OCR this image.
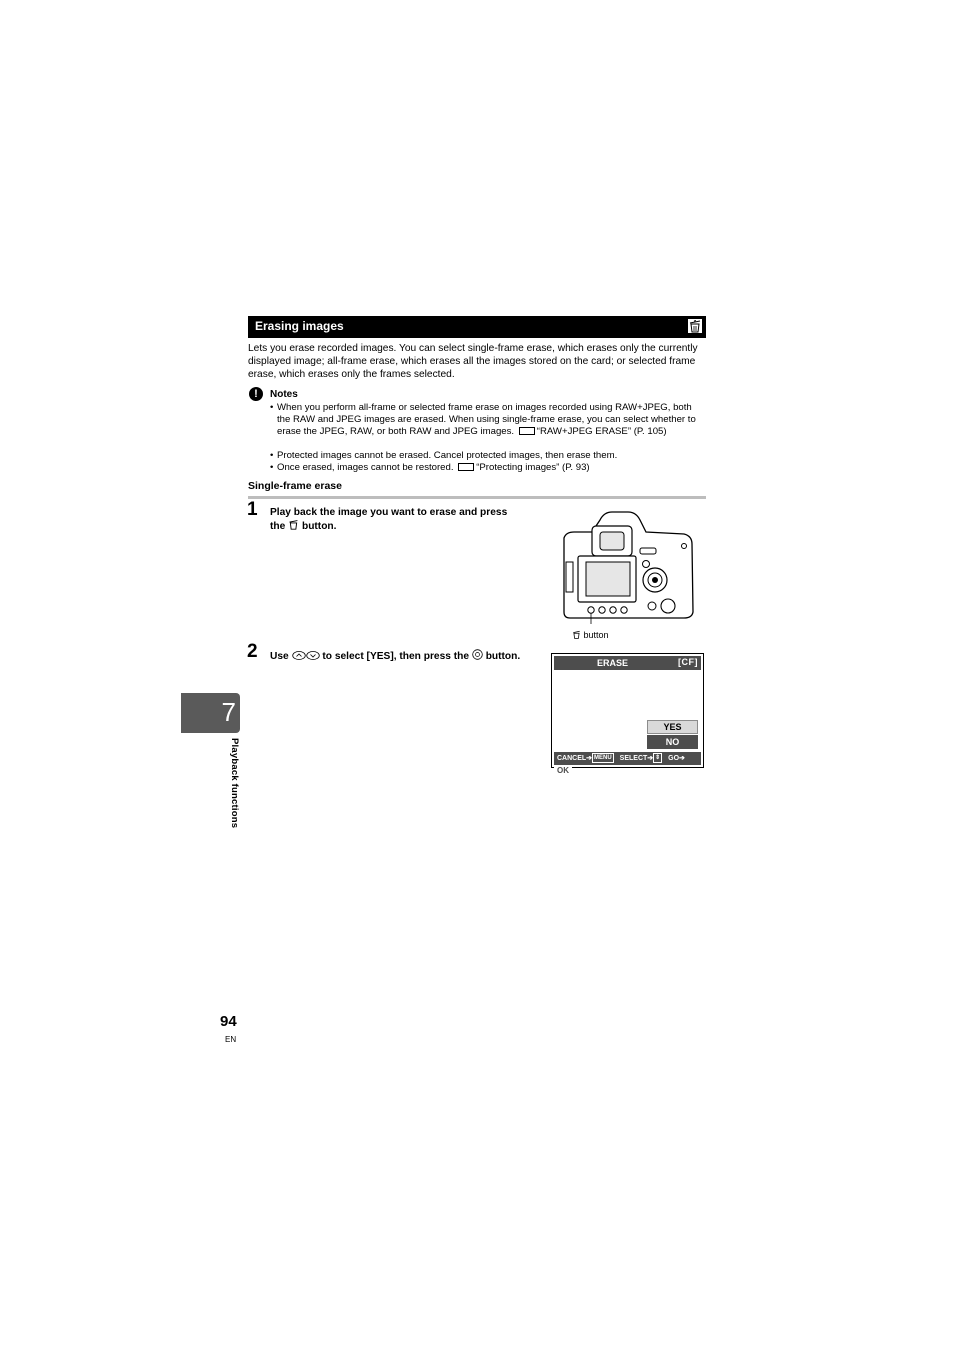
Erasing images
Lets you erase recorded images. You can select single-frame erase, which erases only the currently displayed image; all-frame erase, which erases all the images stored on the card; or selected frame erase, which erases only the frames selected.
!	Notes
• When you perform all-frame or selected frame erase on images recorded using RAW+JPEG, both the RAW and JPEG images are erased. When using single-frame erase, you can select whether to erase the JPEG, RAW, or both RAW and JPEG images. “RAW+JPEG ERASE” (P. 105)
• Protected images cannot be erased. Cancel protected images, then erase them.
• Once erased, images cannot be restored. “Protecting images” (P. 93)
Single-frame erase
1 Play back the image you want to erase and press
the button.
button
2 Use	to select [YES], then press the button.
ERASE	[CF]
YES
NO
CANCEL➔ MENU SELECT➔ ⇕ GO➔OK
7
Playback functions
94
EN
